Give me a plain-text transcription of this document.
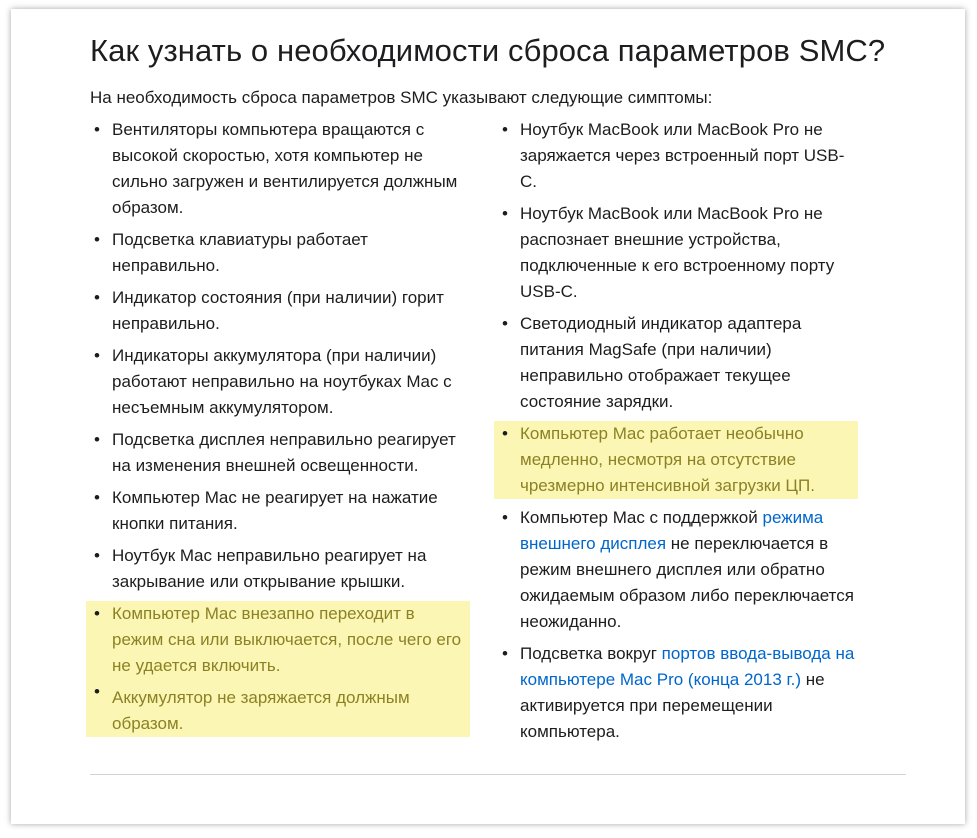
Как узнать о необходимости сброса параметров SMC?

На необходимость сброса параметров SMC указывают следующие симптомы:

• Вентиляторы компьютера вращаются с высокой скоростью, хотя компьютер не сильно загружен и вентилируется должным образом.
• Подсветка клавиатуры работает неправильно.
• Индикатор состояния (при наличии) горит неправильно.
• Индикаторы аккумулятора (при наличии) работают неправильно на ноутбуках Mac с несъемным аккумулятором.
• Подсветка дисплея неправильно реагирует на изменения внешней освещенности.
• Компьютер Mac не реагирует на нажатие кнопки питания.
• Ноутбук Mac неправильно реагирует на закрывание или открывание крышки.
• Компьютер Mac внезапно переходит в режим сна или выключается, после чего его не удается включить.
• Аккумулятор не заряжается должным образом.
• Ноутбук MacBook или MacBook Pro не заряжается через встроенный порт USB-C.
• Ноутбук MacBook или MacBook Pro не распознает внешние устройства, подключенные к его встроенному порту USB-C.
• Светодиодный индикатор адаптера питания MagSafe (при наличии) неправильно отображает текущее состояние зарядки.
• Компьютер Mac работает необычно медленно, несмотря на отсутствие чрезмерно интенсивной загрузки ЦП.
• Компьютер Mac с поддержкой режима внешнего дисплея не переключается в режим внешнего дисплея или обратно ожидаемым образом либо переключается неожиданно.
• Подсветка вокруг портов ввода-вывода на компьютере Mac Pro (конца 2013 г.) не активируется при перемещении компьютера.
